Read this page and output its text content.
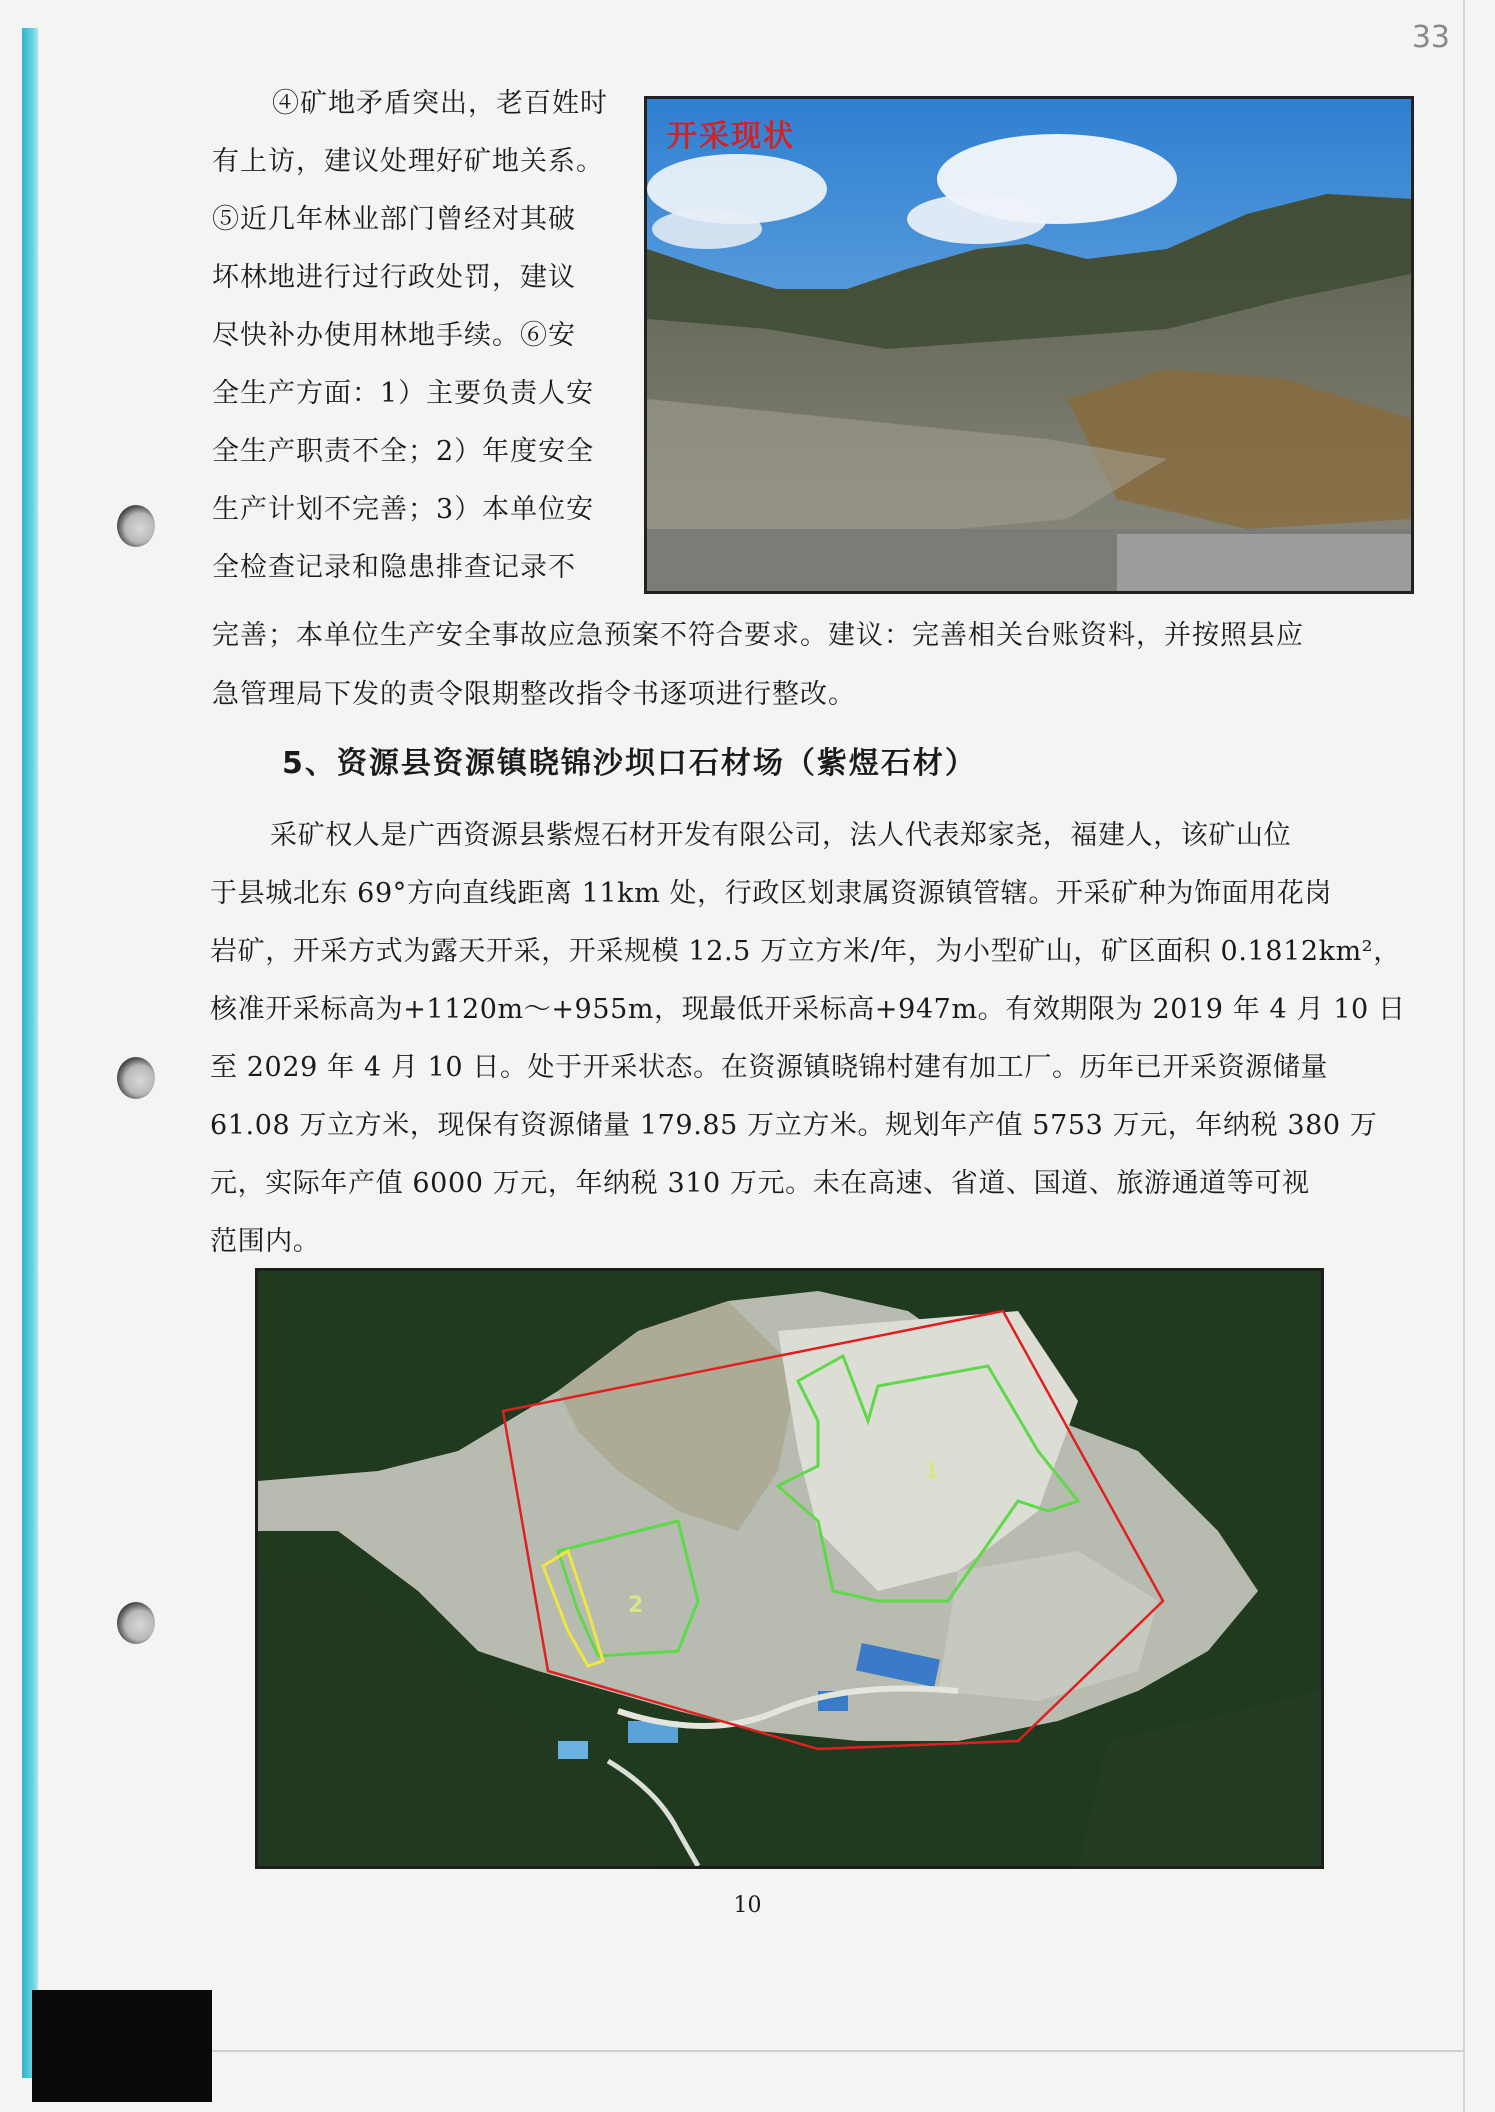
33

④矿地矛盾突出，老百姓时

有上访，建议处理好矿地关系。

⑤近几年林业部门曾经对其破

坏林地进行过行政处罚，建议

尽快补办使用林地手续。⑥安

全生产方面：1）主要负责人安

全生产职责不全；2）年度安全

生产计划不完善；3）本单位安

全检查记录和隐患排查记录不

开采现状
完善；本单位生产安全事故应急预案不符合要求。建议：完善相关台账资料，并按照县应
急管理局下发的责令限期整改指令书逐项进行整改。
5、资源县资源镇晓锦沙坝口石材场（紫煜石材）
采矿权人是广西资源县紫煜石材开发有限公司，法人代表郑家尧，福建人，该矿山位
于县城北东 69°方向直线距离 11km 处，行政区划隶属资源镇管辖。开采矿种为饰面用花岗
岩矿，开采方式为露天开采，开采规模 12.5 万立方米/年，为小型矿山，矿区面积 0.1812km²，
核准开采标高为+1120m～+955m，现最低开采标高+947m。有效期限为 2019 年 4 月 10 日
至 2029 年 4 月 10 日。处于开采状态。在资源镇晓锦村建有加工厂。历年已开采资源储量
61.08 万立方米，现保有资源储量 179.85 万立方米。规划年产值 5753 万元，年纳税 380 万
元，实际年产值 6000 万元，年纳税 310 万元。未在高速、省道、国道、旅游通道等可视
范围内。
1
2
10
